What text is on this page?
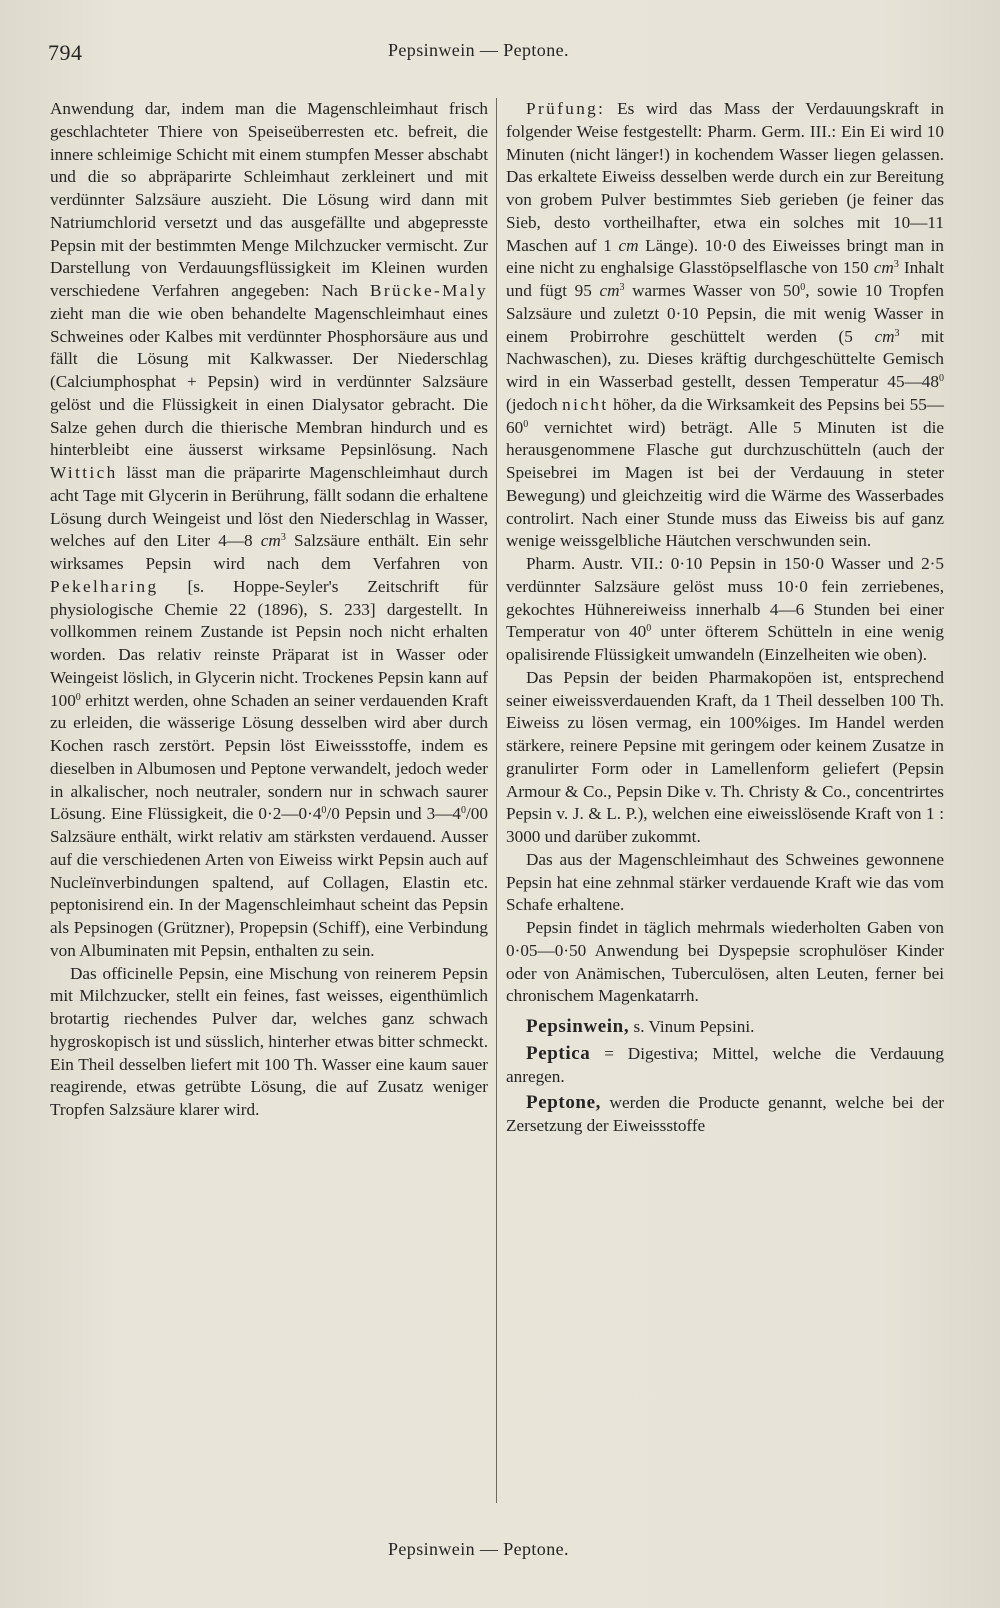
794	Pepsinwein — Peptone.

Anwendung dar, indem man die Magenschleimhaut frisch geschlachteter Thiere von Speiseüberresten etc. befreit, die innere schleimige Schicht mit einem stumpfen Messer abschabt und die so abpräparirte Schleimhaut zerkleinert und mit verdünnter Salzsäure auszieht. Die Lösung wird dann mit Natriumchlorid versetzt und das ausgefällte und abgepresste Pepsin mit der bestimmten Menge Milchzucker vermischt. Zur Darstellung von Verdauungsflüssigkeit im Kleinen wurden verschiedene Verfahren angegeben: Nach Brücke-Maly zieht man die wie oben behandelte Magenschleimhaut eines Schweines oder Kalbes mit verdünnter Phosphorsäure aus und fällt die Lösung mit Kalkwasser. Der Niederschlag (Calciumphosphat + Pepsin) wird in verdünnter Salzsäure gelöst und die Flüssigkeit in einen Dialysator gebracht. Die Salze gehen durch die thierische Membran hindurch und es hinterbleibt eine äusserst wirksame Pepsinlösung. Nach Wittich lässt man die präparirte Magenschleimhaut durch acht Tage mit Glycerin in Berührung, fällt sodann die erhaltene Lösung durch Weingeist und löst den Niederschlag in Wasser, welches auf den Liter 4—8 $cm^3$ Salzsäure enthält. Ein sehr wirksames Pepsin wird nach dem Verfahren von Pekelharing [s. Hoppe-Seyler's Zeitschrift für physiologische Chemie 22 (1896), S. 233] dargestellt. In vollkommen reinem Zustande ist Pepsin noch nicht erhalten worden. Das relativ reinste Präparat ist in Wasser oder Weingeist löslich, in Glycerin nicht. Trockenes Pepsin kann auf $100^0$ erhitzt werden, ohne Schaden an seiner verdauenden Kraft zu erleiden, die wässerige Lösung desselben wird aber durch Kochen rasch zerstört. Pepsin löst Eiweissstoffe, indem es dieselben in Albumosen und Peptone verwandelt, jedoch weder in alkalischer, noch neutraler, sondern nur in schwach saurer Lösung. Eine Flüssigkeit, die $0\cdot 2—0\cdot 4^0/0$ Pepsin und $3—4^0/00$ Salzsäure enthält, wirkt relativ am stärksten verdauend. Ausser auf die verschiedenen Arten von Eiweiss wirkt Pepsin auch auf Nucleïnverbindungen spaltend, auf Collagen, Elastin etc. peptonisirend ein. In der Magenschleimhaut scheint das Pepsin als Pepsinogen (Grützner), Propepsin (Schiff), eine Verbindung von Albuminaten mit Pepsin, enthalten zu sein.

Das officinelle Pepsin, eine Mischung von reinerem Pepsin mit Milchzucker, stellt ein feines, fast weisses, eigenthümlich brotartig riechendes Pulver dar, welches ganz schwach hygroskopisch ist und süsslich, hinterher etwas bitter schmeckt. Ein Theil desselben liefert mit 100 Th. Wasser eine kaum sauer reagirende, etwas getrübte Lösung, die auf Zusatz weniger Tropfen Salzsäure klarer wird.

Prüfung: Es wird das Mass der Verdauungskraft in folgender Weise festgestellt: Pharm. Germ. III.: Ein Ei wird 10 Minuten (nicht länger!) in kochendem Wasser liegen gelassen. Das erkaltete Eiweiss desselben werde durch ein zur Bereitung von grobem Pulver bestimmtes Sieb gerieben (je feiner das Sieb, desto vortheilhafter, etwa ein solches mit 10—11 Maschen auf 1 cm Länge). 10·0 des Eiweisses bringt man in eine nicht zu enghalsige Glasstöpselflasche von 150 $cm^3$ Inhalt und fügt 95 $cm^3$ warmes Wasser von $50^0$, sowie 10 Tropfen Salzsäure und zuletzt 0·10 Pepsin, die mit wenig Wasser in einem Probirrohre geschüttelt werden (5 $cm^3$ mit Nachwaschen), zu. Dieses kräftig durchgeschüttelte Gemisch wird in ein Wasserbad gestellt, dessen Temperatur $45—48^0$ (jedoch nicht höher, da die Wirksamkeit des Pepsins bei $55—60^0$ vernichtet wird) beträgt. Alle 5 Minuten ist die herausgenommene Flasche gut durchzuschütteln (auch der Speisebrei im Magen ist bei der Verdauung in steter Bewegung) und gleichzeitig wird die Wärme des Wasserbades controlirt. Nach einer Stunde muss das Eiweiss bis auf ganz wenige weissgelbliche Häutchen verschwunden sein.

Pharm. Austr. VII.: 0·10 Pepsin in 150·0 Wasser und 2·5 verdünnter Salzsäure gelöst muss 10·0 fein zerriebenes, gekochtes Hühnereiweiss innerhalb 4—6 Stunden bei einer Temperatur von $40^0$ unter öfterem Schütteln in eine wenig opalisirende Flüssigkeit umwandeln (Einzelheiten wie oben).

Das Pepsin der beiden Pharmakopöen ist, entsprechend seiner eiweissverdauenden Kraft, da 1 Theil desselben 100 Th. Eiweiss zu lösen vermag, ein 100%iges. Im Handel werden stärkere, reinere Pepsine mit geringem oder keinem Zusatze in granulirter Form oder in Lamellenform geliefert (Pepsin Armour & Co., Pepsin Dike v. Th. Christy & Co., concentrirtes Pepsin v. J. & L. P.), welchen eine eiweisslösende Kraft von 1 : 3000 und darüber zukommt.

Das aus der Magenschleimhaut des Schweines gewonnene Pepsin hat eine zehnmal stärker verdauende Kraft wie das vom Schafe erhaltene.

Pepsin findet in täglich mehrmals wiederholten Gaben von 0·05—0·50 Anwendung bei Dyspepsie scrophulöser Kinder oder von Anämischen, Tuberculösen, alten Leuten, ferner bei chronischem Magenkatarrh.

Pepsinwein, s. Vinum Pepsini.

Peptica = Digestiva; Mittel, welche die Verdauung anregen.

Peptone, werden die Producte genannt, welche bei der Zersetzung der Eiweissstoffe

Pepsinwein — Peptone.
